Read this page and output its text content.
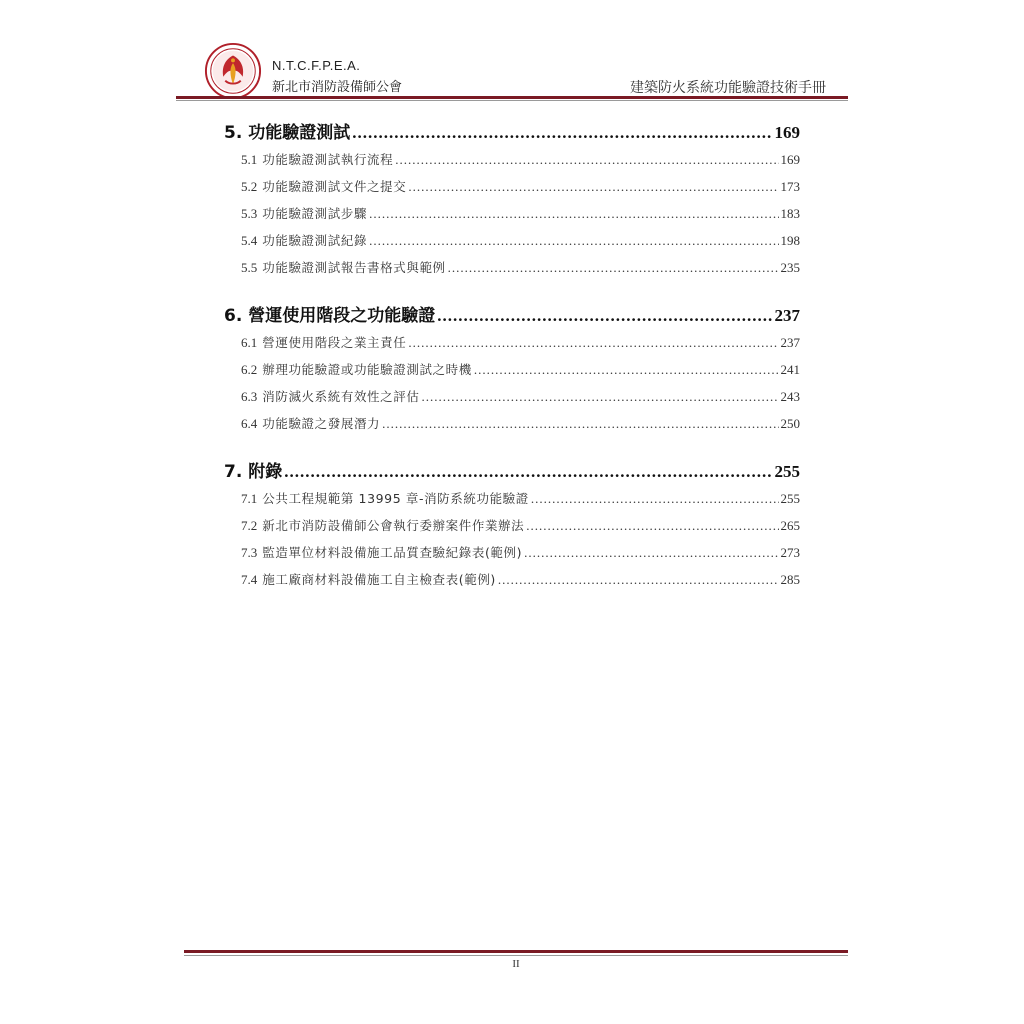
N.T.C.F.P.E.A.
新北市消防設備師公會	建築防火系統功能驗證技術手冊
5. 功能驗證測試 .....	169
5.1 功能驗證測試執行流程 .....	169
5.2 功能驗證測試文件之提交 .....	173
5.3 功能驗證測試步驟 .....	183
5.4 功能驗證測試紀錄 .....	198
5.5 功能驗證測試報告書格式與範例 .....	235
6. 營運使用階段之功能驗證 .....	237
6.1 營運使用階段之業主責任 .....	237
6.2 辦理功能驗證或功能驗證測試之時機 .....	241
6.3 消防滅火系統有效性之評估 .....	243
6.4 功能驗證之發展潛力 .....	250
7. 附錄 .....	255
7.1 公共工程規範第 13995 章-消防系統功能驗證 .....	255
7.2 新北市消防設備師公會執行委辦案件作業辦法 .....	265
7.3 監造單位材料設備施工品質查驗紀錄表(範例) .....	273
7.4 施工廠商材料設備施工自主檢查表(範例) .....	285
II
